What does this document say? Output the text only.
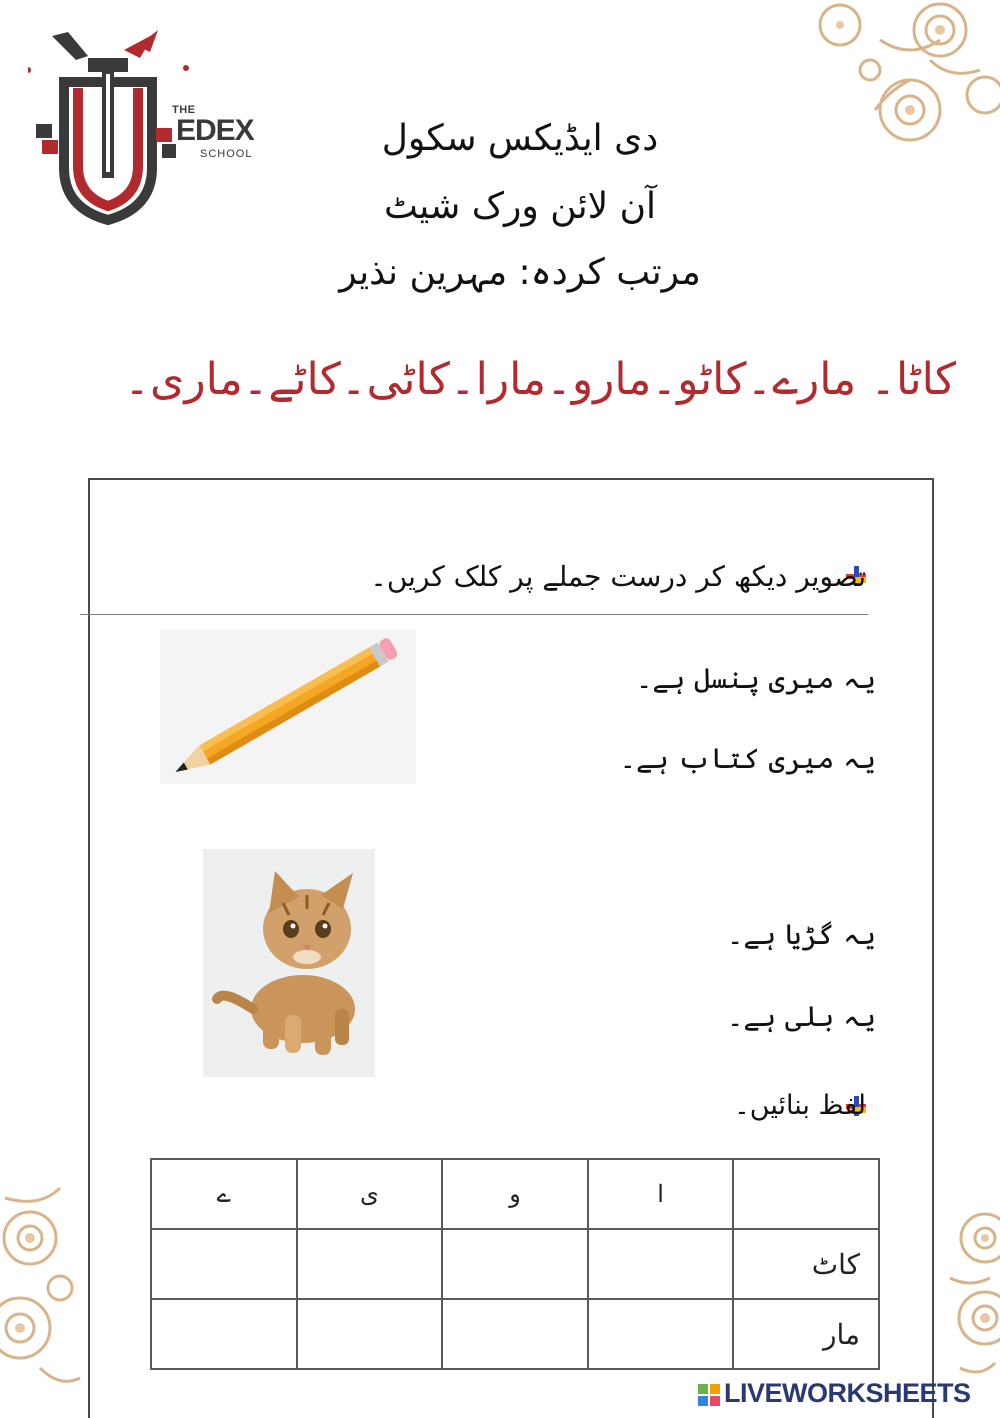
THE
EDEX
SCHOOL	دی ایڈیکس سکول
آن لائن ورک شیٹ
مرتب کردہ: مہرین نذیر
کاٹا۔ مارے۔کاٹو۔مارو۔مارا۔کاٹی۔کاٹے۔ماری۔
تصویر دیکھ کر درست جملے پر کلک کریں۔
یہ میری پنسل ہے۔
یہ میری کتاب ہے۔
یہ گڑیا ہے۔
یہ بلی ہے۔
لفظ بنائیں۔
	ا	و	ی	ے
کاٹ				
مار				
LIVEWORKSHEETS
